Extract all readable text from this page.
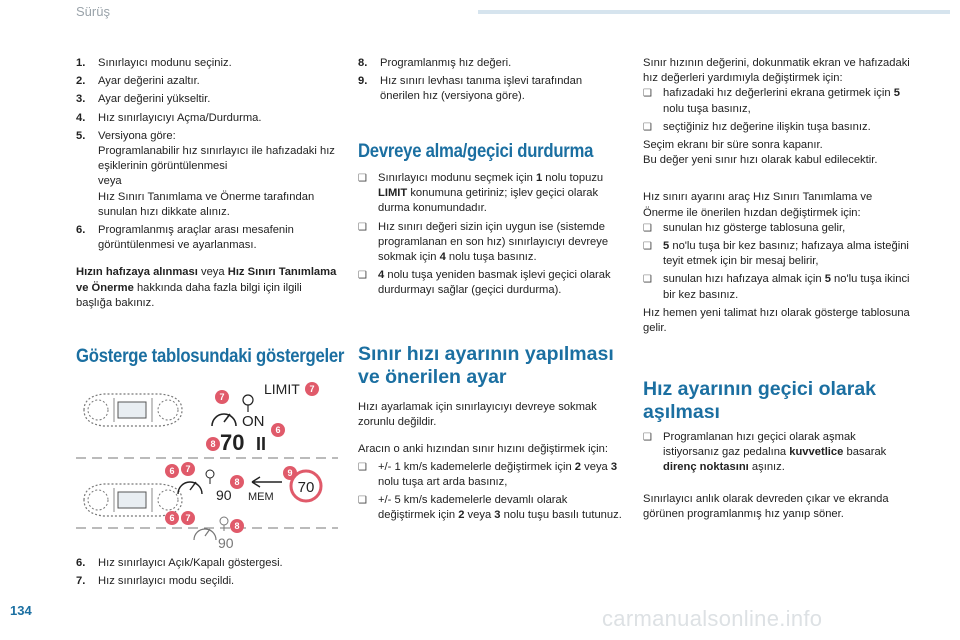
Sürüş
1.	Sınırlayıcı modunu seçiniz.
2.	Ayar değerini azaltır.
3.	Ayar değerini yükseltir.
4.	Hız sınırlayıcıyı Açma/Durdurma.
5.	Versiyona göre:
Programlanabilir hız sınırlayıcı ile hafızadaki hız eşiklerinin görüntülenmesi
veya
Hız Sınırı Tanımlama ve Önerme tarafından sunulan hızı dikkate alınız.
6.	Programlanmış araçlar arası mesafenin görüntülenmesi ve ayarlanması.

Hızın hafızaya alınması veya Hız Sınırı Tanımlama ve Önerme hakkında daha fazla bilgi için ilgili başlığa bakınız.

Gösterge tablosundaki göstergeler
LIMIT
ON
70 II
90 MEM
70
90
7
7
6
8
6 7
8
9
6 7
8
6.	Hız sınırlayıcı Açık/Kapalı göstergesi.
7.	Hız sınırlayıcı modu seçildi.
8.	Programlanmış hız değeri.
9.	Hız sınırı levhası tanıma işlevi tarafından önerilen hız (versiyona göre).
Devreye alma/geçici durdurma
❑ Sınırlayıcı modunu seçmek için 1 nolu topuzu LIMIT konumuna getiriniz; işlev geçici olarak durma konumundadır.
❑ Hız sınırı değeri sizin için uygun ise (sistemde programlanan en son hız) sınırlayıcıyı devreye sokmak için 4 nolu tuşa basınız.
❑ 4 nolu tuşa yeniden basmak işlevi geçici olarak durdurmayı sağlar (geçici durdurma).
Sınır hızı ayarının yapılması ve önerilen ayar

Hızı ayarlamak için sınırlayıcıyı devreye sokmak zorunlu değildir.

Aracın o anki hızından sınır hızını değiştirmek için:

❑ +/- 1 km/s kademelerle değiştirmek için 2 veya 3 nolu tuşa art arda basınız,
❑ +/- 5 km/s kademelerle devamlı olarak değiştirmek için 2 veya 3 nolu tuşu basılı tutunuz.

Sınır hızının değerini, dokunmatik ekran ve hafızadaki hız değerleri yardımıyla değiştirmek için:

❑ hafızadaki hız değerlerini ekrana getirmek için 5 nolu tuşa basınız,
❑ seçtiğiniz hız değerine ilişkin tuşa basınız.

Seçim ekranı bir süre sonra kapanır.

Bu değer yeni sınır hızı olarak kabul edilecektir.

Hız sınırı ayarını araç Hız Sınırı Tanımlama ve Önerme ile önerilen hızdan değiştirmek için:

❑ sunulan hız gösterge tablosuna gelir,
❑ 5 no'lu tuşa bir kez basınız; hafızaya alma isteğini teyit etmek için bir mesaj belirir,
❑ sunulan hızı hafızaya almak için 5 no'lu tuşa ikinci bir kez basınız.

Hız hemen yeni talimat hızı olarak gösterge tablosuna gelir.

Hız ayarının geçici olarak aşılması
❑ Programlanan hızı geçici olarak aşmak istiyorsanız gaz pedalına kuvvetlice basarak direnç noktasını aşınız.

Sınırlayıcı anlık olarak devreden çıkar ve ekranda görünen programlanmış hız yanıp söner.

134	carmanualsonline.info
